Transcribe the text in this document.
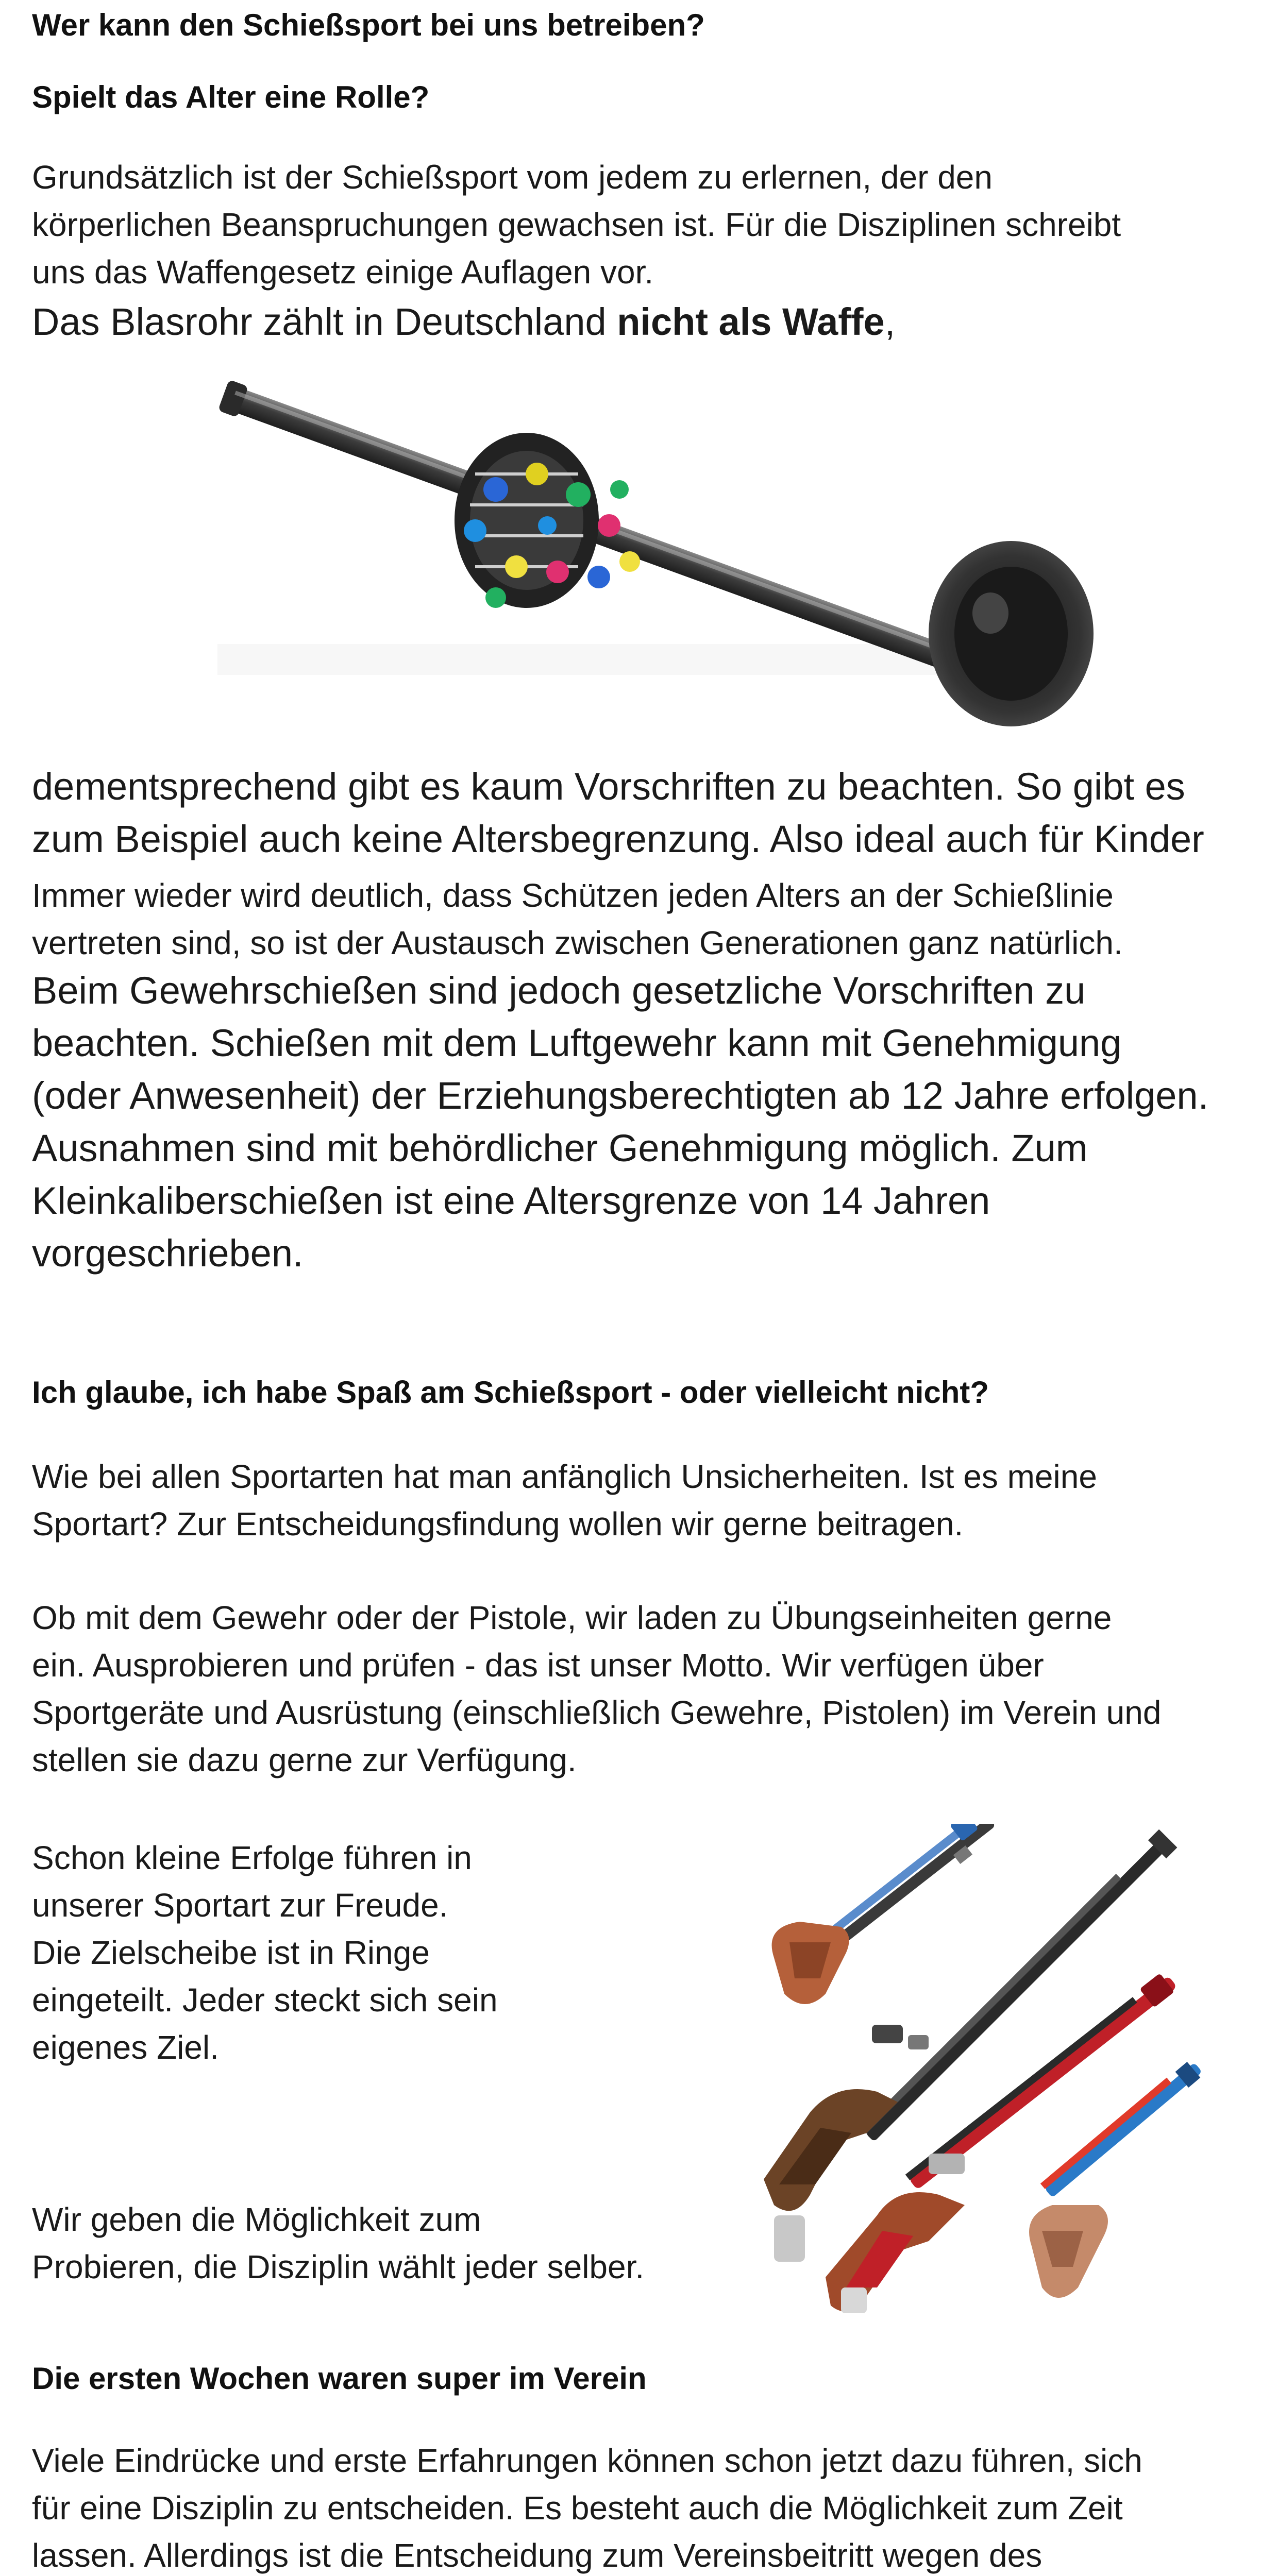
Wer kann den Schießsport bei uns betreiben?
Spielt das Alter eine Rolle?
Grundsätzlich ist der Schießsport vom jedem zu erlernen, der den
körperlichen Beanspruchungen gewachsen ist. Für die Disziplinen schreibt
uns das Waffengesetz einige Auflagen vor.
Das Blasrohr zählt in Deutschland nicht als Waffe,
dementsprechend gibt es kaum Vorschriften zu beachten. So gibt es
zum Beispiel auch keine Altersbegrenzung. Also ideal auch für Kinder
Immer wieder wird deutlich, dass Schützen jeden Alters an der Schießlinie
vertreten sind, so ist der Austausch zwischen Generationen ganz natürlich.
Beim Gewehrschießen sind jedoch gesetzliche Vorschriften zu
beachten. Schießen mit dem Luftgewehr kann mit Genehmigung
(oder Anwesenheit) der Erziehungsberechtigten ab 12 Jahre erfolgen.
Ausnahmen sind mit behördlicher Genehmigung möglich. Zum
Kleinkaliberschießen ist eine Altersgrenze von 14 Jahren
vorgeschrieben.
Ich glaube, ich habe Spaß am Schießsport - oder vielleicht nicht?
Wie bei allen Sportarten hat man anfänglich Unsicherheiten. Ist es meine
Sportart? Zur Entscheidungsfindung wollen wir gerne beitragen.
Ob mit dem Gewehr oder der Pistole, wir laden zu Übungseinheiten gerne
ein. Ausprobieren und prüfen - das ist unser Motto. Wir verfügen über
Sportgeräte und Ausrüstung (einschließlich Gewehre, Pistolen) im Verein und
stellen sie dazu gerne zur Verfügung.
Schon kleine Erfolge führen in
unserer Sportart zur Freude.
Die Zielscheibe ist in Ringe
eingeteilt. Jeder steckt sich sein
eigenes Ziel.
Wir geben die Möglichkeit zum
Probieren, die Disziplin wählt jeder selber.
Die ersten Wochen waren super im Verein
Viele Eindrücke und erste Erfahrungen können schon jetzt dazu führen, sich
für eine Disziplin zu entscheiden. Es besteht auch die Möglichkeit zum Zeit
lassen. Allerdings ist die Entscheidung zum Vereinsbeitritt wegen des
